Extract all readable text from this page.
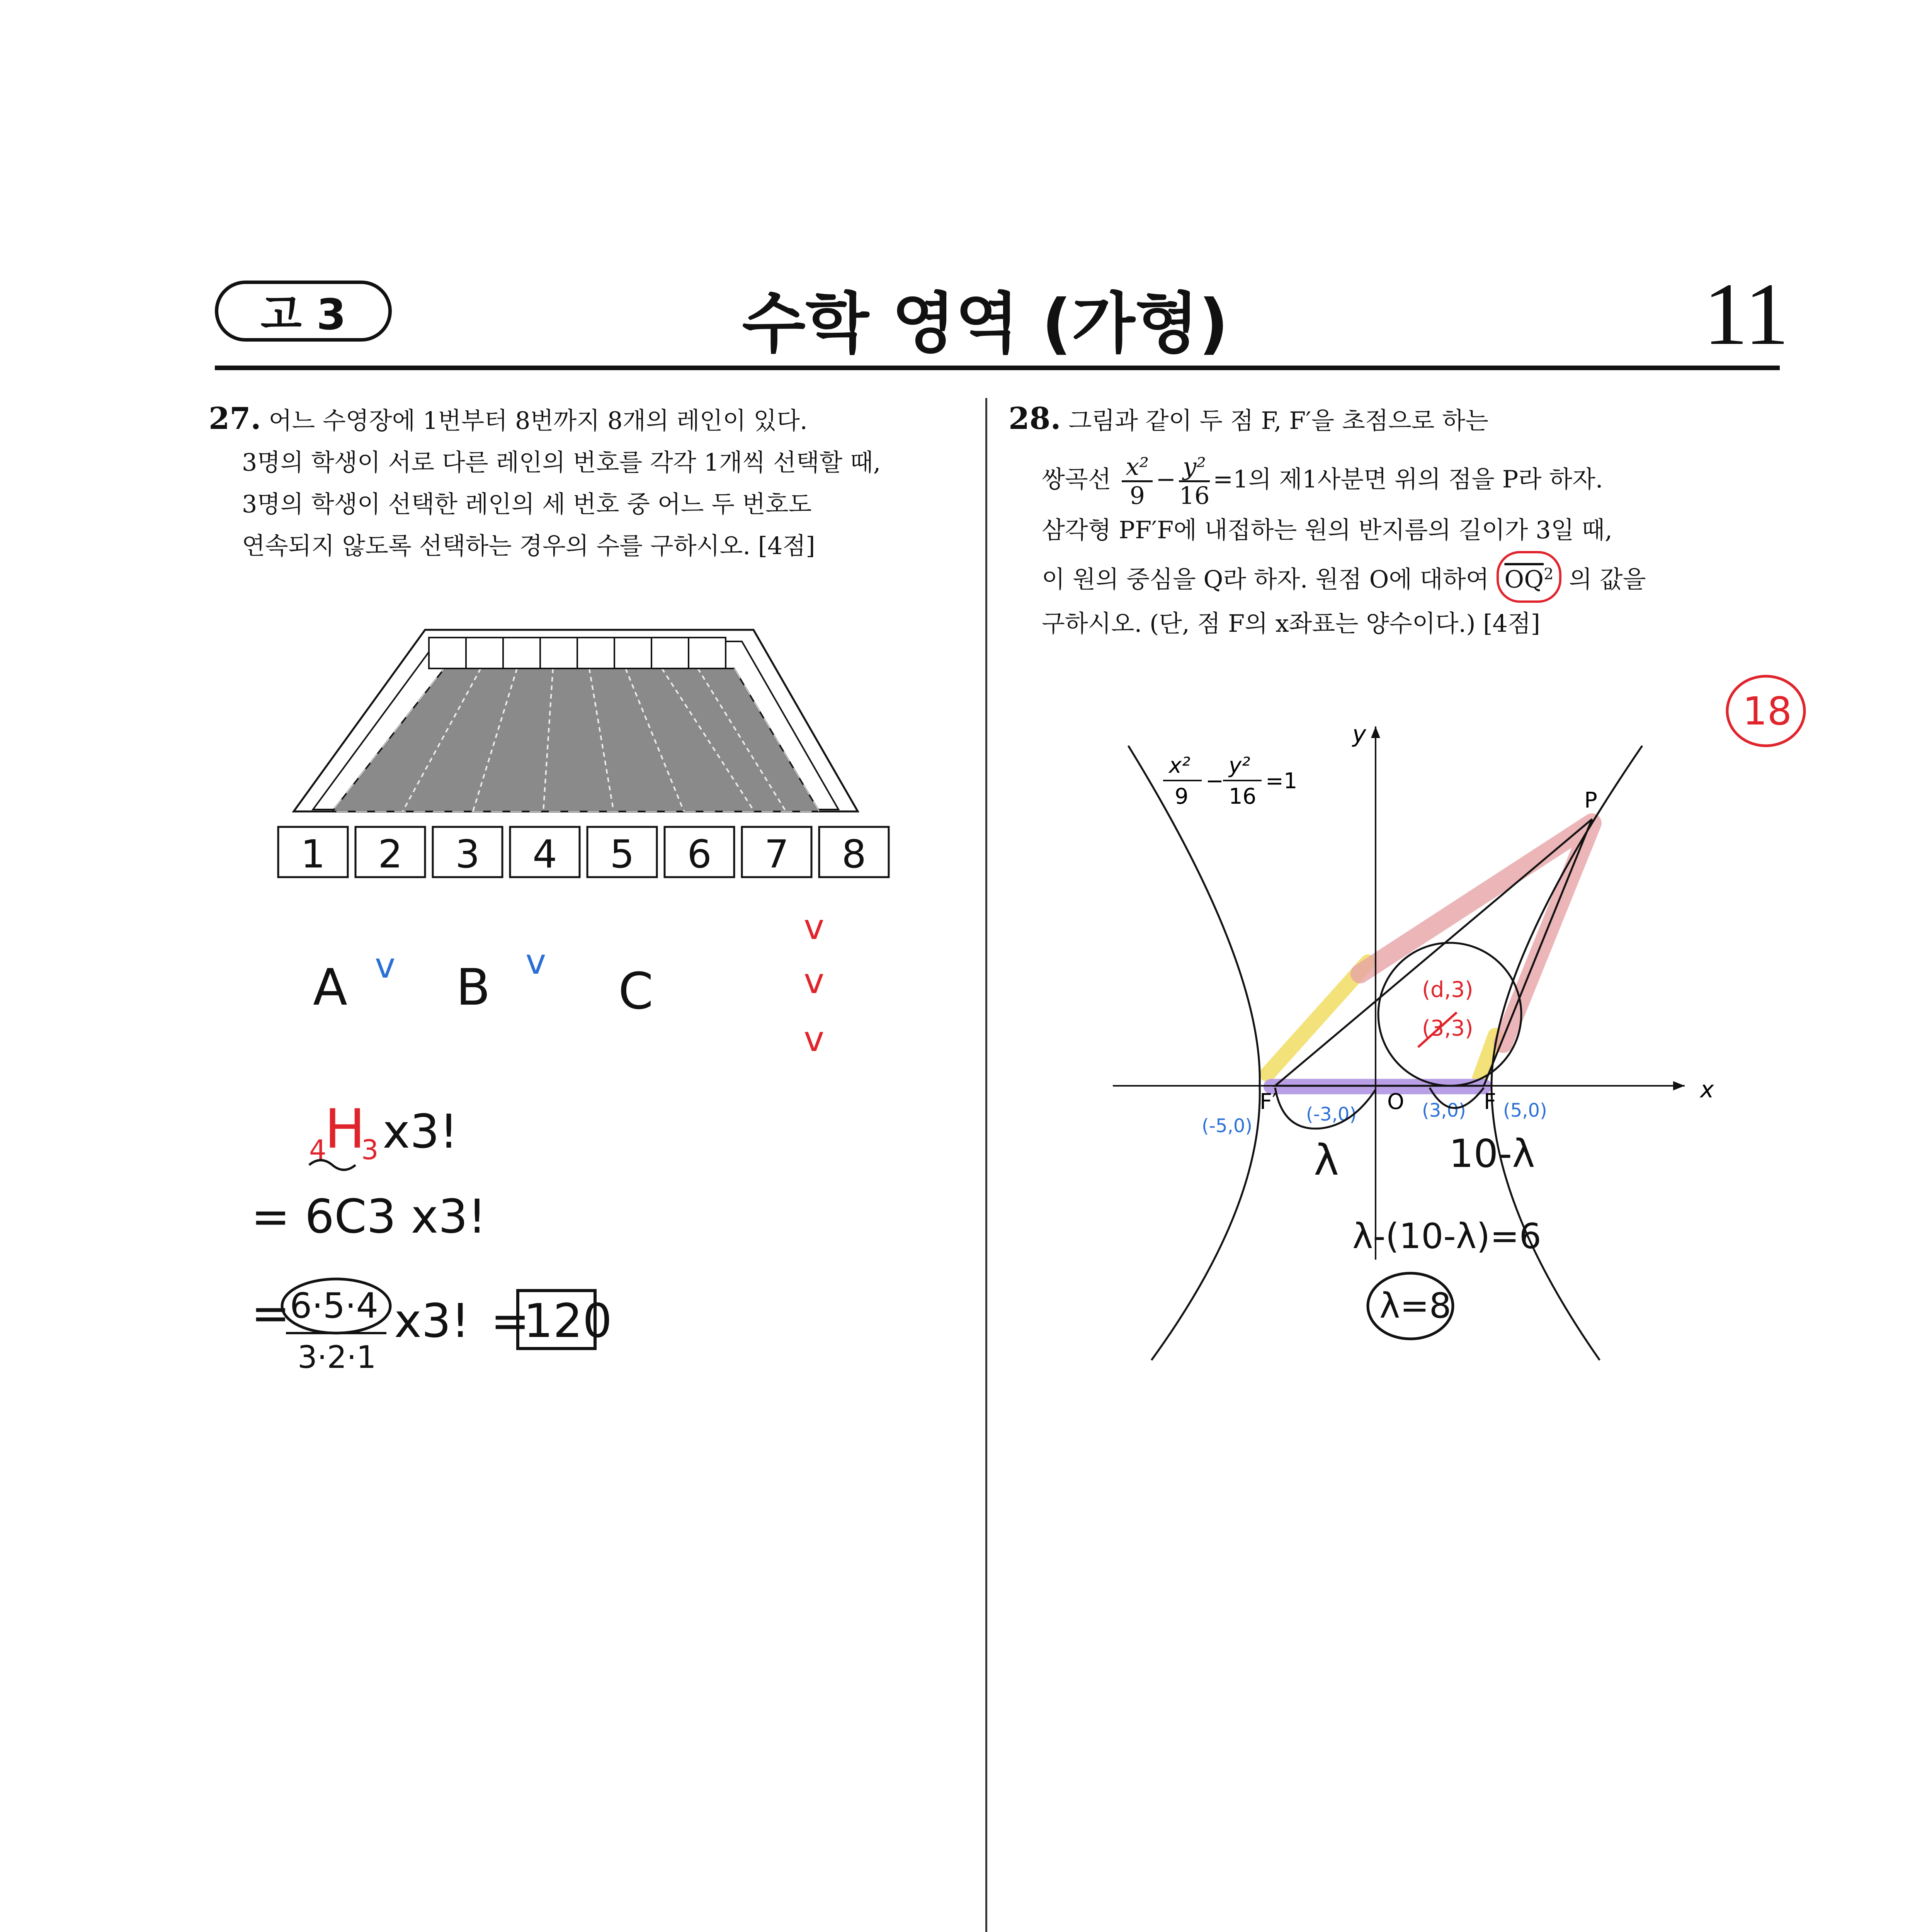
고 3	수학 영역 (가형)	11
27. 어느 수영장에 1번부터 8번까지 8개의 레인이 있다.
3명의 학생이 서로 다른 레인의 번호를 각각 1개씩 선택할 때,
3명의 학생이 선택한 레인의 세 번호 중 어느 두 번호도
연속되지 않도록 선택하는 경우의 수를 구하시오. [4점]
1 2 3 4 5 6 7 8
A B	C
v	v
v
v
v
4
H
3 x3!
= 6C3 x3!
= 6·5·4
3·2·1
x3! =
120
28. 그림과 같이 두 점 F, F′을 초점으로 하는
쌍곡선 $\frac{\text{x²}}{9} - \frac{\text{y²}}{16} =1$의 제1사분면 위의 점을 P라 하자.
삼각형 PF′F에 내접하는 원의 반지름의 길이가 3일 때,
이 원의 중심을 Q라 하자. 원점 O에 대하여 $\overline{OQ}^2$ 의 값을
구하시오. (단, 점 F의 x좌표는 양수이다.) [4점]
x
y
x²
9
−
y²
16
=1
P
O
F′	F
18
(d,3)
(3,3)
(-5,0)
(-3,0)	(3,0) (5,0)
λ	10-λ
λ-(10-λ)=6
λ=8
